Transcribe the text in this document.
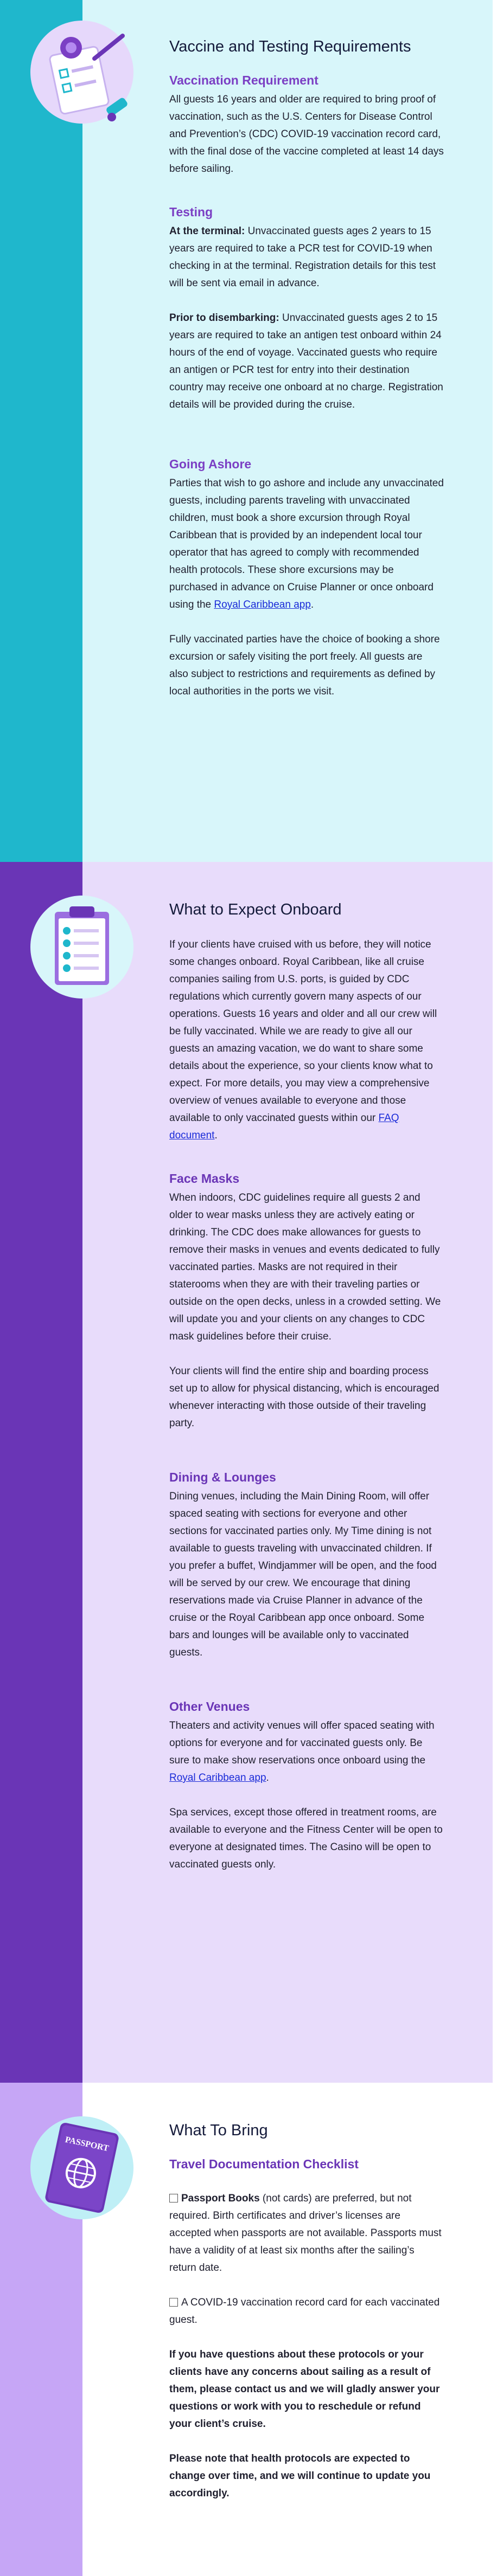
Vaccine and Testing Requirements
Vaccination Requirement

All guests 16 years and older are required to bring proof of vaccination, such as the U.S. Centers for Disease Control and Prevention’s (CDC) COVID-19 vaccination record card, with the final dose of the vaccine completed at least 14 days before sailing.

Testing

At the terminal: Unvaccinated guests ages 2 years to 15 years are required to take a PCR test for COVID-19 when checking in at the terminal. Registration details for this test will be sent via email in advance.

Prior to disembarking: Unvaccinated guests ages 2 to 15 years are required to take an antigen test onboard within 24 hours of the end of voyage. Vaccinated guests who require an antigen or PCR test for entry into their destination country may receive one onboard at no charge. Registration details will be provided during the cruise.

Going Ashore

Parties that wish to go ashore and include any unvaccinated guests, including parents traveling with unvaccinated children, must book a shore excursion through Royal Caribbean that is provided by an independent local tour operator that has agreed to comply with recommended health protocols. These shore excursions may be purchased in advance on Cruise Planner or once onboard using the Royal Caribbean app.

Fully vaccinated parties have the choice of booking a shore excursion or safely visiting the port freely. All guests are also subject to restrictions and requirements as defined by local authorities in the ports we visit.

What to Expect Onboard

If your clients have cruised with us before, they will notice some changes onboard. Royal Caribbean, like all cruise companies sailing from U.S. ports, is guided by CDC regulations which currently govern many aspects of our operations. Guests 16 years and older and all our crew will be fully vaccinated. While we are ready to give all our guests an amazing vacation, we do want to share some details about the experience, so your clients know what to expect. For more details, you may view a comprehensive overview of venues available to everyone and those available to only vaccinated guests within our FAQ document.

Face Masks

When indoors, CDC guidelines require all guests 2 and older to wear masks unless they are actively eating or drinking. The CDC does make allowances for guests to remove their masks in venues and events dedicated to fully vaccinated parties. Masks are not required in their staterooms when they are with their traveling parties or outside on the open decks, unless in a crowded setting. We will update you and your clients on any changes to CDC mask guidelines before their cruise.

Your clients will find the entire ship and boarding process set up to allow for physical distancing, which is encouraged whenever interacting with those outside of their traveling party.

Dining & Lounges

Dining venues, including the Main Dining Room, will offer spaced seating with sections for everyone and other sections for vaccinated parties only. My Time dining is not available to guests traveling with unvaccinated children. If you prefer a buffet, Windjammer will be open, and the food will be served by our crew. We encourage that dining reservations made via Cruise Planner in advance of the cruise or the Royal Caribbean app once onboard. Some bars and lounges will be available only to vaccinated guests.

Other Venues

Theaters and activity venues will offer spaced seating with options for everyone and for vaccinated guests only. Be sure to make show reservations once onboard using the Royal Caribbean app.

Spa services, except those offered in treatment rooms, are available to everyone and the Fitness Center will be open to everyone at designated times. The Casino will be open to vaccinated guests only.

PASSPORT
What To Bring
Travel Documentation Checklist

Passport Books (not cards) are preferred, but not required. Birth certificates and driver’s licenses are accepted when passports are not available. Passports must have a validity of at least six months after the sailing’s return date.

A COVID-19 vaccination record card for each vaccinated guest.

If you have questions about these protocols or your clients have any concerns about sailing as a result of them, please contact us and we will gladly answer your questions or work with you to reschedule or refund your client’s cruise.

Please note that health protocols are expected to change over time, and we will continue to update you accordingly.
